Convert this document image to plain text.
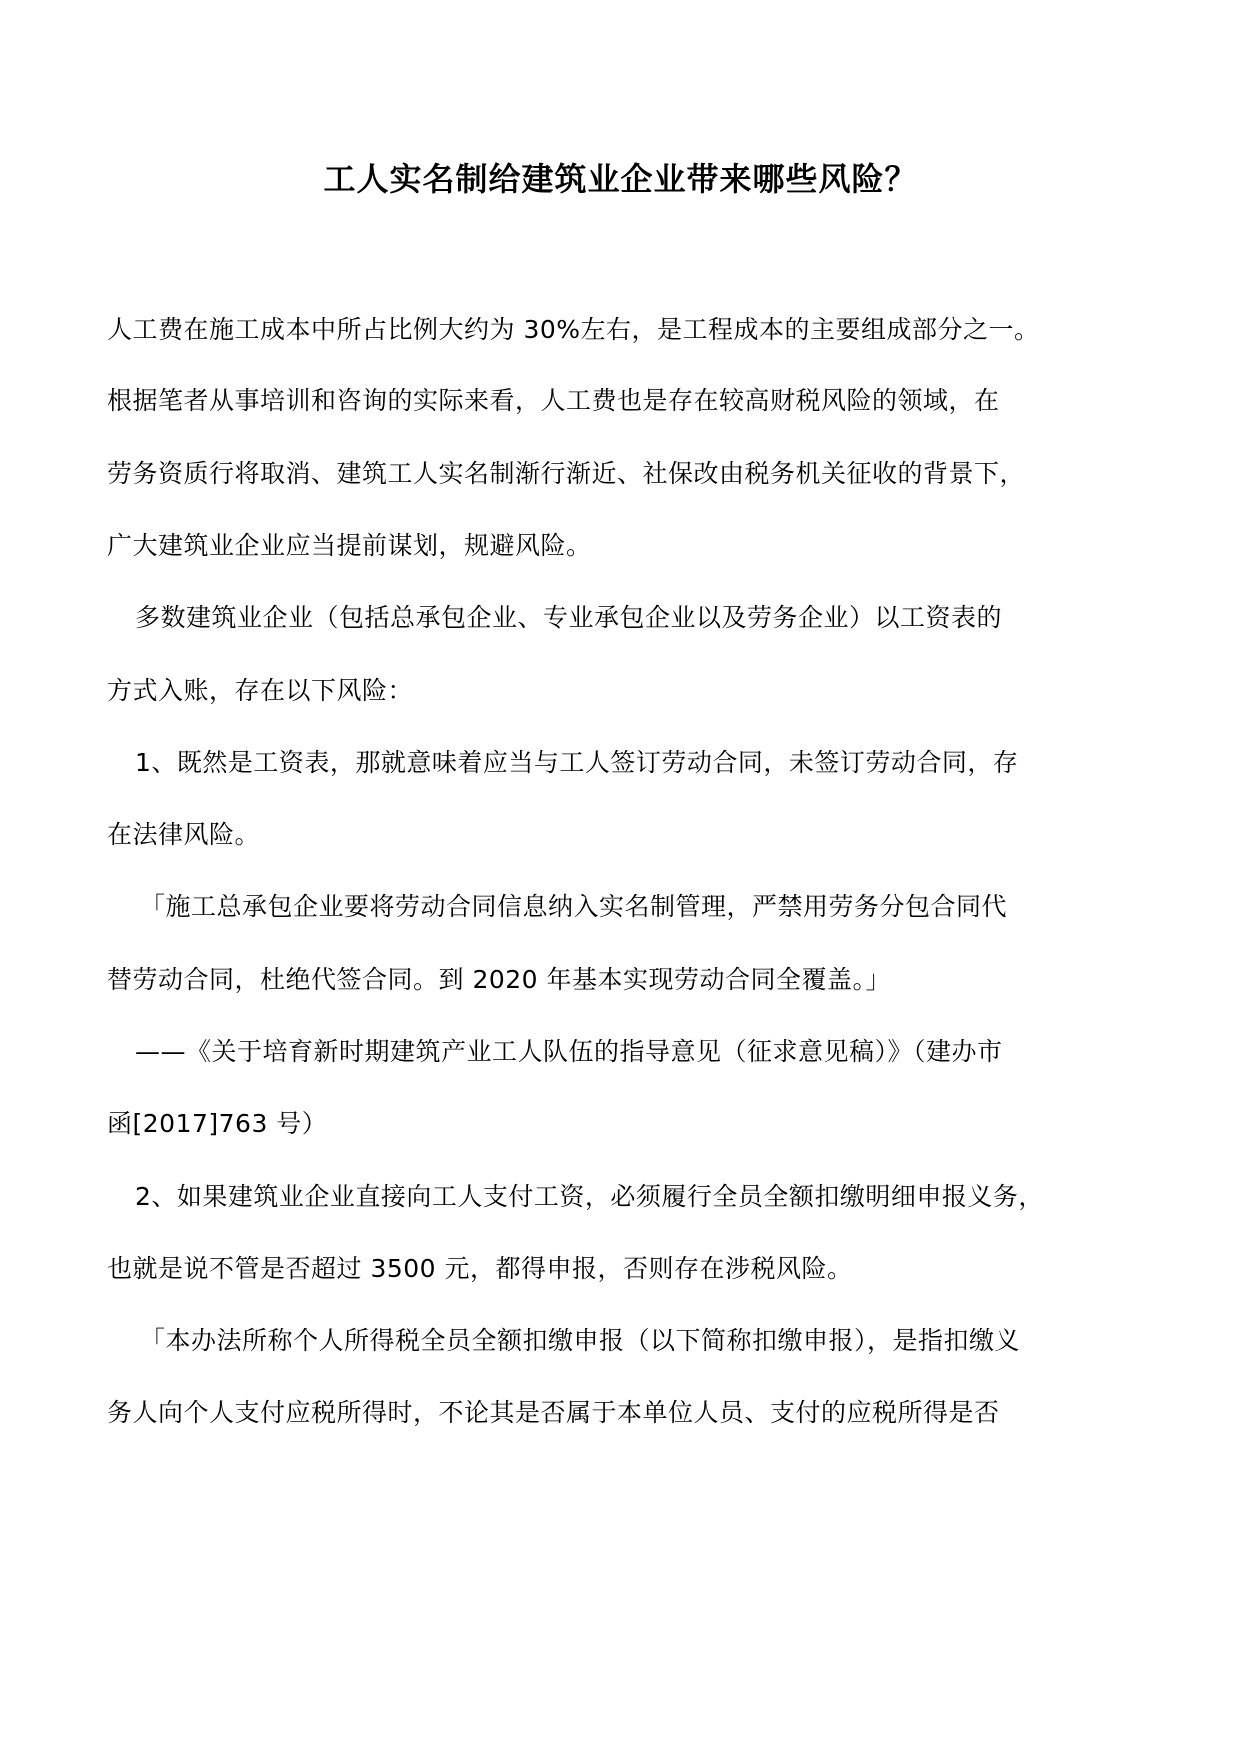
工人实名制给建筑业企业带来哪些风险？
人工费在施工成本中所占比例大约为 30%左右，是工程成本的主要组成部分之一。
根据笔者从事培训和咨询的实际来看，人工费也是存在较高财税风险的领域，在
劳务资质行将取消、建筑工人实名制渐行渐近、社保改由税务机关征收的背景下，
广大建筑业企业应当提前谋划，规避风险。
多数建筑业企业（包括总承包企业、专业承包企业以及劳务企业）以工资表的
方式入账，存在以下风险：
1、既然是工资表，那就意味着应当与工人签订劳动合同，未签订劳动合同，存
在法律风险。
「施工总承包企业要将劳动合同信息纳入实名制管理，严禁用劳务分包合同代
替劳动合同，杜绝代签合同。到 2020 年基本实现劳动合同全覆盖。」
——《关于培育新时期建筑产业工人队伍的指导意见（征求意见稿）》（建办市
函[2017]763 号）
2、如果建筑业企业直接向工人支付工资，必须履行全员全额扣缴明细申报义务，
也就是说不管是否超过 3500 元，都得申报，否则存在涉税风险。
「本办法所称个人所得税全员全额扣缴申报（以下简称扣缴申报），是指扣缴义
务人向个人支付应税所得时，不论其是否属于本单位人员、支付的应税所得是否
